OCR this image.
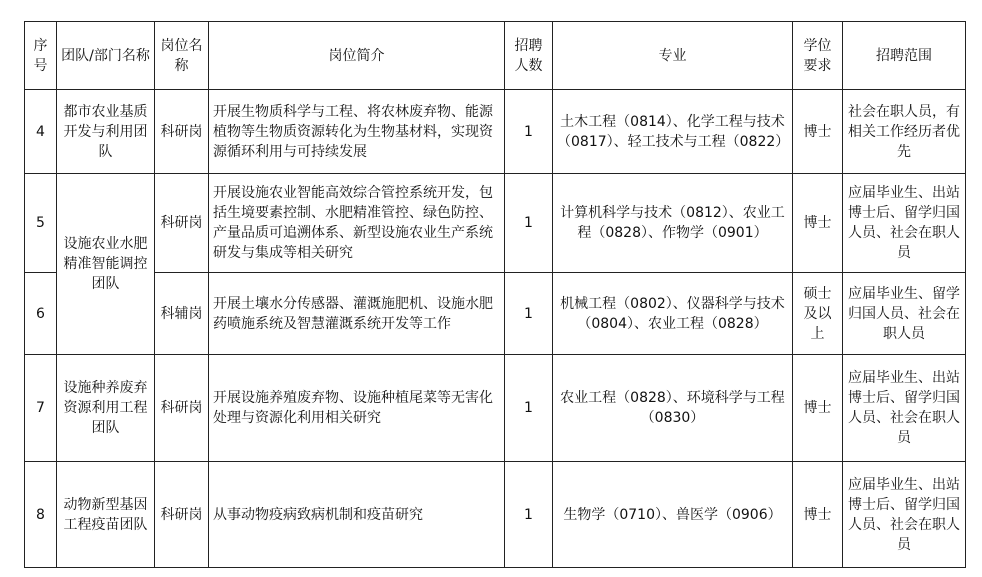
序号	团队/部门名称	岗位名称	岗位简介	招聘人数	专业	学位要求	招聘范围
4	都市农业基质开发与利用团队	科研岗	开展生物质科学与工程、将农林废弃物、能源植物等生物质资源转化为生物基材料，实现资源循环利用与可持续发展	1	土木工程（0814）、化学工程与技术（0817）、轻工技术与工程（0822）	博士	社会在职人员，有相关工作经历者优先
5	设施农业水肥精准智能调控团队	科研岗	开展设施农业智能高效综合管控系统开发，包括生境要素控制、水肥精准管控、绿色防控、产量品质可追溯体系、新型设施农业生产系统研发与集成等相关研究	1	计算机科学与技术（0812）、农业工程（0828）、作物学（0901）	博士	应届毕业生、出站博士后、留学归国人员、社会在职人员
6		科辅岗	开展土壤水分传感器、灌溉施肥机、设施水肥药喷施系统及智慧灌溉系统开发等工作	1	机械工程（0802）、仪器科学与技术（0804）、农业工程（0828）	硕士及以上	应届毕业生、留学归国人员、社会在职人员
7	设施种养废弃资源利用工程团队	科研岗	开展设施养殖废弃物、设施种植尾菜等无害化处理与资源化利用相关研究	1	农业工程（0828）、环境科学与工程（0830）	博士	应届毕业生、出站博士后、留学归国人员、社会在职人员
8	动物新型基因工程疫苗团队	科研岗	从事动物疫病致病机制和疫苗研究	1	生物学（0710）、兽医学（0906）	博士	应届毕业生、出站博士后、留学归国人员、社会在职人员
